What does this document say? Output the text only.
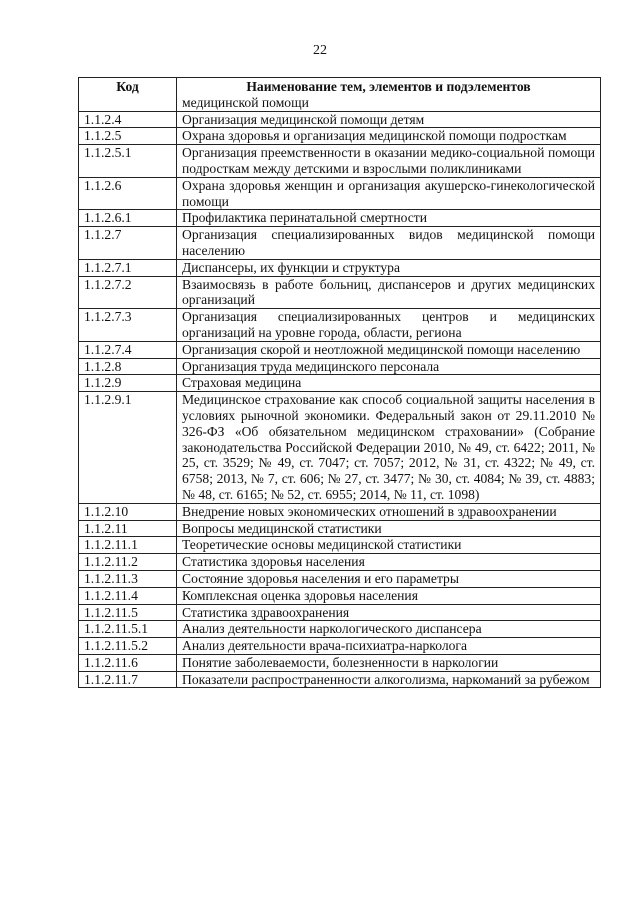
22
Код	Наименование тем, элементов и подэлементов
	медицинской помощи
1.1.2.4	Организация медицинской помощи детям
1.1.2.5	Охрана здоровья и организация медицинской помощи подросткам
1.1.2.5.1	Организация преемственности в оказании медико-социальной помощи подросткам между детскими и взрослыми поликлиниками
1.1.2.6	Охрана здоровья женщин и организация акушерско-гинекологической помощи
1.1.2.6.1	Профилактика перинатальной смертности
1.1.2.7	Организация специализированных видов медицинской помощи населению
1.1.2.7.1	Диспансеры, их функции и структура
1.1.2.7.2	Взаимосвязь в работе больниц, диспансеров и других медицинских организаций
1.1.2.7.3	Организация специализированных центров и медицинских организаций на уровне города, области, региона
1.1.2.7.4	Организация скорой и неотложной медицинской помощи населению
1.1.2.8	Организация труда медицинского персонала
1.1.2.9	Страховая медицина
1.1.2.9.1	Медицинское страхование как способ социальной защиты населения в условиях рыночной экономики. Федеральный закон от 29.11.2010 № 326-ФЗ «Об обязательном медицинском страховании» (Собрание законодательства Российской Федерации 2010, № 49, ст. 6422; 2011, № 25, ст. 3529; № 49, ст. 7047; ст. 7057; 2012, № 31, ст. 4322; № 49, ст. 6758; 2013, № 7, ст. 606; № 27, ст. 3477; № 30, ст. 4084; № 39, ст. 4883; № 48, ст. 6165; № 52, ст. 6955; 2014, № 11, ст. 1098)
1.1.2.10	Внедрение новых экономических отношений в здравоохранении
1.1.2.11	Вопросы медицинской статистики
1.1.2.11.1	Теоретические основы медицинской статистики
1.1.2.11.2	Статистика здоровья населения
1.1.2.11.3	Состояние здоровья населения и его параметры
1.1.2.11.4	Комплексная оценка здоровья населения
1.1.2.11.5	Статистика здравоохранения
1.1.2.11.5.1	Анализ деятельности наркологического диспансера
1.1.2.11.5.2	Анализ деятельности врача-психиатра-нарколога
1.1.2.11.6	Понятие заболеваемости, болезненности в наркологии
1.1.2.11.7	Показатели распространенности алкоголизма, наркоманий за рубежом
